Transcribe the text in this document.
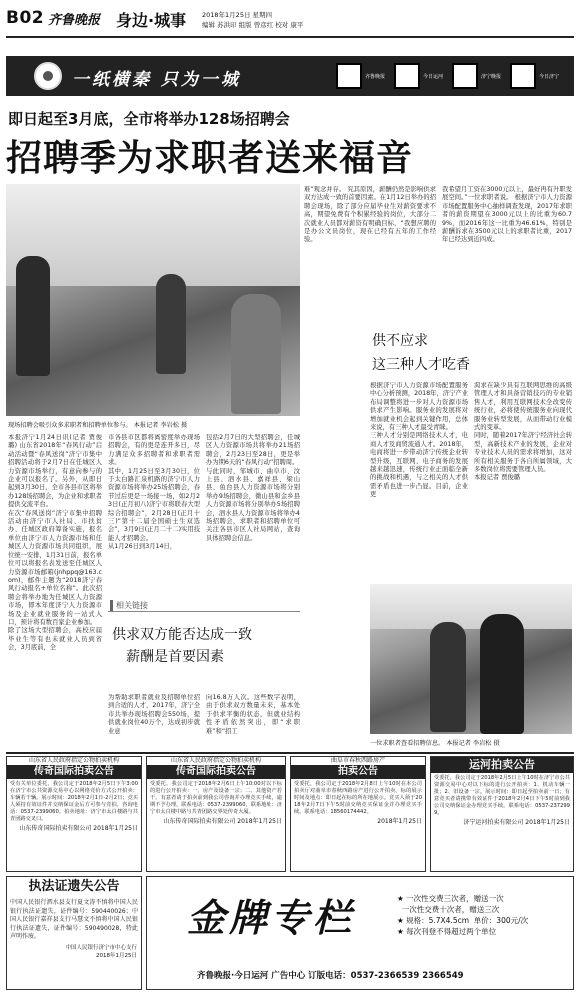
B02 齐鲁晚报 身边·城事 2018年1月25日 星期四
编辑 苏洪印 组版 曾彦红 校对 康平
一纸横秦 只为一城	齐鲁晚报	今日运河	济宁晚报	今日济宁
即日起至3月底，全市将举办128场招聘会
招聘季为求职者送来福音
现场招聘会吸引众多求职者和招聘单位参与。 本报记者 李岩松 摄
本报济宁1月24日讯(记者 贾俊璐) 山东省2018年“春风行动”启动活动暨“春风送岗”济宁市集中招聘活动将于2月7日在任城区人力资源市场举行，有意向参与的企业可以报名了。另外，从即日起到3月30日，全市各县市区将举办128场招聘会，为企业和求职者提供交流平台。
在次“春风送岗”济宁市集中招聘活动由济宁市人社局、市扶贫办、任城区政府筹备实施，报名单位由济宁市人力资源市场和任城区人力资源市场共同组织，展位统一安排，1月31日前，报名单位可以将报名表发送至任城区人力资源市场邮箱(jnhppq@163.com)，邮件主题为“2018济宁春风行动报名+单位名称”。此次招聘会将举办地为任城区人力资源市场，即本年度济宁人力资源市场及企业就业服务的一站式入口，预计将有数百家企业参加。
除了这场大型招聘会，高校应届毕业生等有也未就业人员到省会，3月底前，全
市各县市区都将离密度举办现场招聘会，有的更是连开多日，尽力满足众多招聘者和求职者需求。
其中，1月25日至3月30日，位于太白路汇泉机路的济宁市人力资源市场将举办25场招聘会，春节过后更是一场接一场，如2月23日(正月初八)济宁市将联春大型综合招聘会”，2月28日(正月十三)”第十二届全国硕士生双选会”，3月9日(正月二十二)实用技能人才招聘会。
从1月26日到3月14日，
包括2月7日的大型招聘会，任城区人力资源市场共将举办21场招聘会，2月23日至28日，更是举办为期6天的“春风行动”招聘周。
与此同时，邹城市、曲阜市、汶上县、泗水县、嘉祥县、梁山县、鱼台县人力资源市场将分别举办9场招聘会，微山县和金乡县人力资源市场将分别举办5场招聘会，泗水县人力资源市场将举办4场招聘会，求职者和招聘单位可关注各县市区人社局网站，查询具体招聘会信息。
相关链接
供求双方能否达成一致
薪酬是首要因素
为帮助求职者就业及招聘单位招到合适的人才，2017年，济宁全市共举办现场招聘会550场，提供就业岗位40万个，达成初步就业意
向16.8万人次。这些数字表明，由于供求双方数量未来，基本处于供求平衡的状态，但就业结构性矛盾依然突出，即“求职难”和“招工
难”观念并存。 究其原因，薪酬仍然是影响供求双方达成一致的首要因素。在1月12日举办的招聘会现场，除了部分应届毕业生对薪资要求不高，期望免费有个积累经验的岗位，大部分二次就业人员都对薪资有明确目标，“我想应聘的是办公文员岗位，现在已经有五年的工作经验。
我希望月工资在3000元以上，最好再有升职发展空间。”一位求职者说。 根据济宁市人力资源市场配置服务中心抽样调查发现，2017年求职者的薪资期望在3000元以上的比重为60.79%，而2016年这一比重为46.61%，特别是薪酬诉求在3500元以上的求职者比重，2017年已经达到近四成。
供不应求
这三种人才吃香
根据济宁市人力资源市场配置服务中心分析预测，2018年，济宁产业布局调整将进一步对人力资源市场供求产生影响。服务业的发展将对增加就业机会起到关键作用，总体来说，有三种人才最受青睐。
三种人才分别是网络技术人才，电商人才及商贸流通人才。2018年，电商将进一步带动济宁传统企业转型升级，互联网、电子商务的发展越来越迅速，传统行业正面临全新的挑战和机遇，与之相关的人才供需矛盾也进一步凸显。目前，企业更
渴求在缺少具有互联网思维的高级管理人才和具备营销技巧的专业销售人才，利用互联网技术全改变传统行业，必将使传统服务业向现代服务业转型发展，从而带动行业模式的变革。
同时，随着2017年济宁经济社会转型，高新技术产业的发展，企业对专业技术人员的需求将增加，这对所有相关服务于各自所属领域，大多数岗位将需要管理人员。
本报记者 贾俊璐
一位求职者查看招聘信息。 本报记者 李岩松 摄
山东省人民政府指定公物拍卖机构
传奇国际拍卖公告
受有关单位委托，我公司定于2018年2月5日下午3:00在济宁市公共资源交易中心以网络竞价方式公开拍卖：车辆若干辆。展示时间：2018年2月1日-2月2日；竞买人须持有效证件并交纳保证金后方可参与竞拍。咨询电话：0537-2399060。拍卖地址：济宁市太白楼路与共青团路交叉口。
山东传奇国际拍卖有限公司 2018年1月25日
山东省人民政府指定公物拍卖机构
传奇国际拍卖公告
受委托，我公司定于2018年2月6日上午10:00对以下标的进行公开拍卖：一、房产及设备一宗；二、其他资产若干。有意者请于拍卖前到我公司咨询并办理竞买手续，逾期不予办理。联系电话：0537-2399060，联系地址：济宁市太白楼中路与共青团路交界处传奇大厦。
山东传奇国际拍卖有限公司 2018年1月25日
曲阜市春秋西路房产
拍卖公告
受委托，我公司定于2018年2月8日上午10时在本公司拍卖厅对曲阜市春秋西路房产进行公开拍卖。标的展示时间及地点：即日起在标的所在地展示。竞买人须于2018年2月7日下午5时前交纳竞买保证金并办理竞买手续。联系电话：18560174442。
2018年1月25日
运河拍卖公告
受委托，我公司定于2018年2月5日上午10时在济宁市公共资源交易中心对以下标的进行公开拍卖：1、机动车辆一批；2、旧设备一宗。展示时间：即日起至拍卖前一日；有意竞买者请携带有效证件于2018年2月4日下午5时前到我公司交纳保证金办理竞买手续。联系电话：0537-2372999。
济宁运河拍卖有限公司 2018年1月25日
执法证遗失公告
中国人民银行泗水县支行夏文涛不慎将中国人民银行执法证遗失，证件编号：590440026；中国人民银行嘉祥县支行马慧文不慎将中国人民银行执法证遗失，证件编号：590490028，特此声明作废。
中国人民银行济宁市中心支行
2018年1月25日
金牌专栏	★ 一次性交费三次者，赠送一次
一次性交费十次者，赠送三次
★ 规格：5.7X4.5cm  单价：300元/次
★ 每次刊登不得超过两个单位
齐鲁晚报·今日运河 广告中心 订版电话：0537-2366539 2366549
